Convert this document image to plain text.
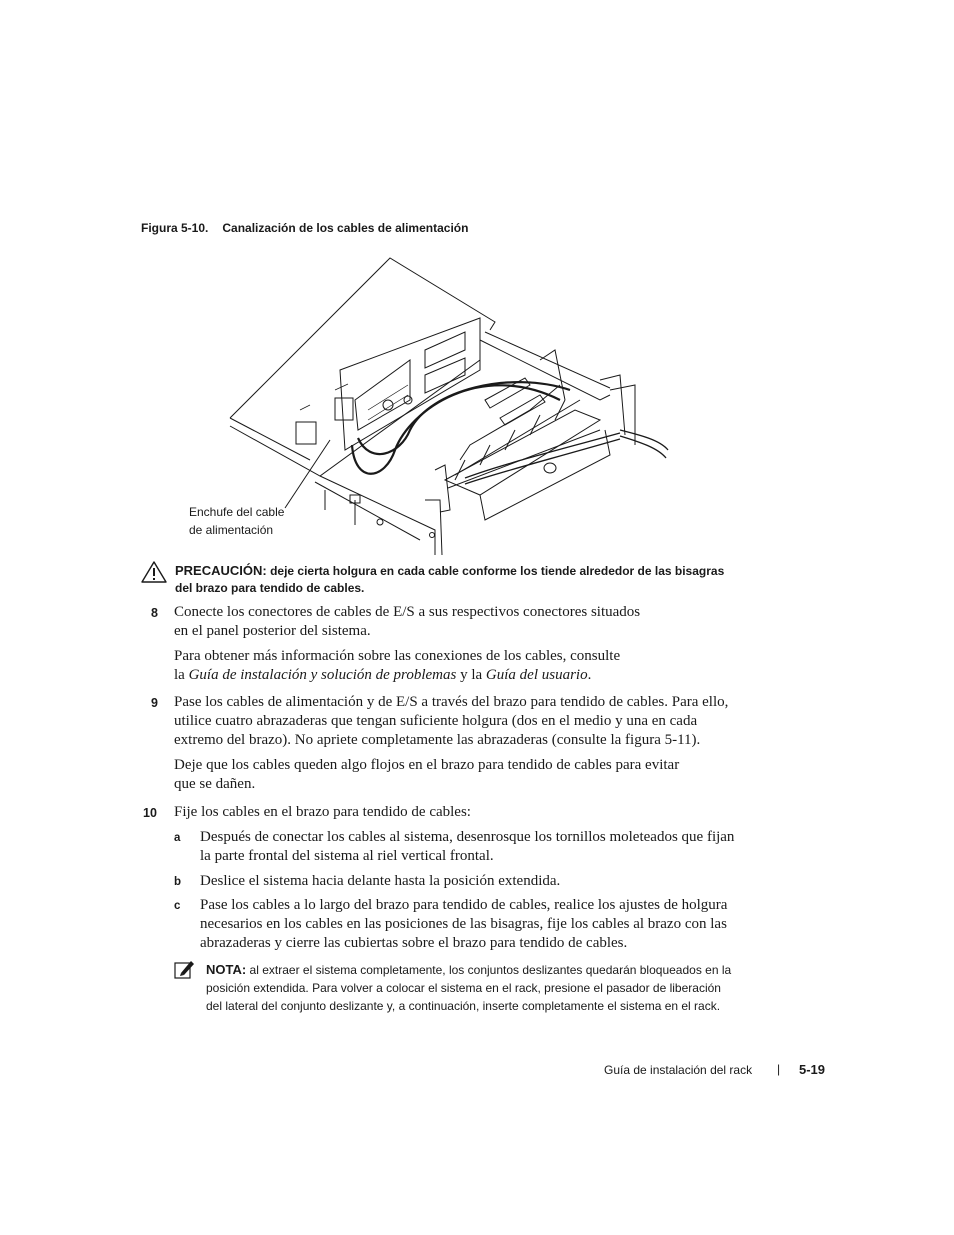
Figura 5-10. Canalización de los cables de alimentación
Enchufe del cable
de alimentación
PRECAUCIÓN: deje cierta holgura en cada cable conforme los tiende alrededor de las bisagras
del brazo para tendido de cables.
8 Conecte los conectores de cables de E/S a sus respectivos conectores situados
en el panel posterior del sistema.
Para obtener más información sobre las conexiones de los cables, consulte
la Guía de instalación y solución de problemas y la Guía del usuario.
9 Pase los cables de alimentación y de E/S a través del brazo para tendido de cables. Para ello,
utilice cuatro abrazaderas que tengan suficiente holgura (dos en el medio y una en cada
extremo del brazo). No apriete completamente las abrazaderas (consulte la figura 5-11).
Deje que los cables queden algo flojos en el brazo para tendido de cables para evitar
que se dañen.
10 Fije los cables en el brazo para tendido de cables:
a Después de conectar los cables al sistema, desenrosque los tornillos moleteados que fijan
la parte frontal del sistema al riel vertical frontal.
b Deslice el sistema hacia delante hasta la posición extendida.
c Pase los cables a lo largo del brazo para tendido de cables, realice los ajustes de holgura
necesarios en los cables en las posiciones de las bisagras, fije los cables al brazo con las
abrazaderas y cierre las cubiertas sobre el brazo para tendido de cables.
NOTA: al extraer el sistema completamente, los conjuntos deslizantes quedarán bloqueados en la
posición extendida. Para volver a colocar el sistema en el rack, presione el pasador de liberación
del lateral del conjunto deslizante y, a continuación, inserte completamente el sistema en el rack.
Guía de instalación del rack | 5-19
